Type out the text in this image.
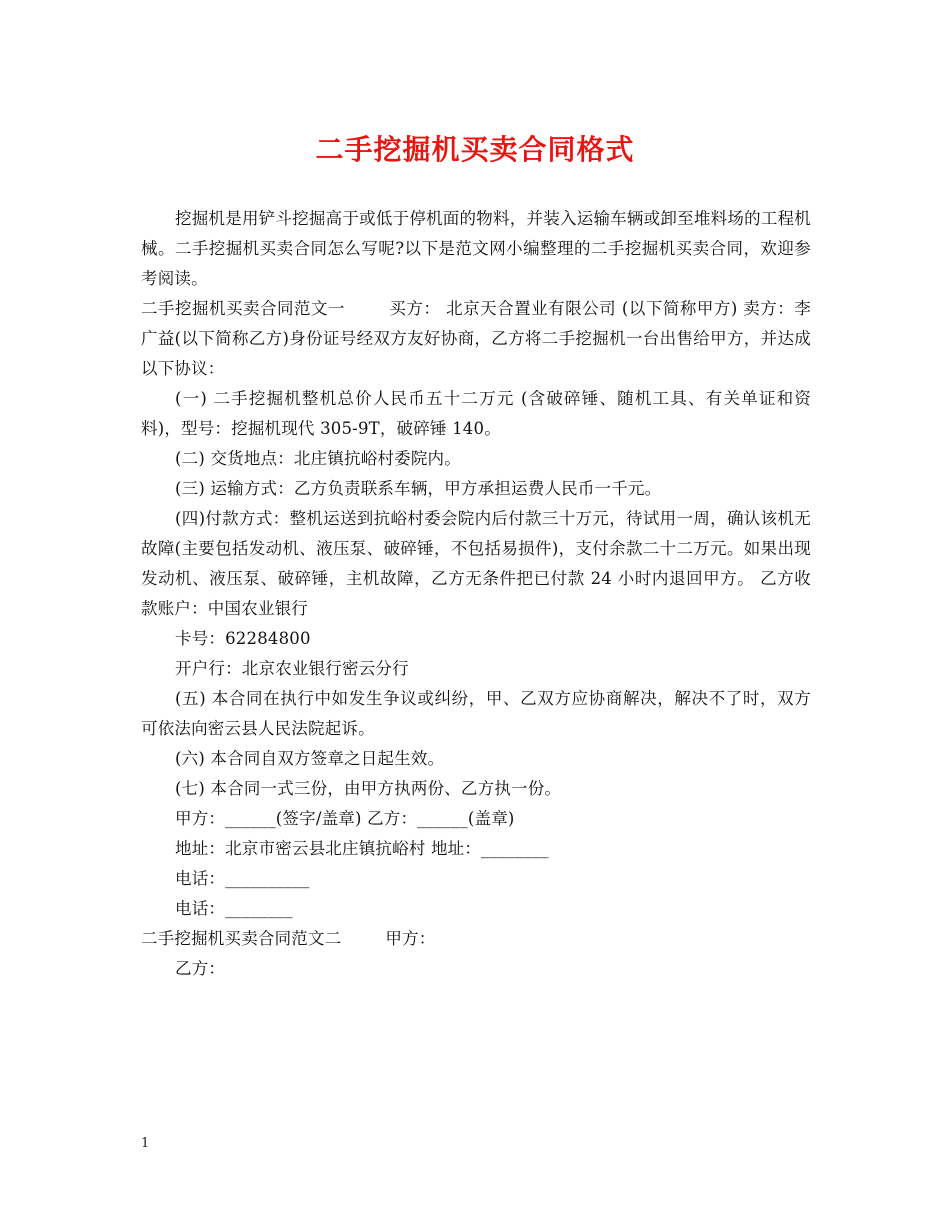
二手挖掘机买卖合同格式

挖掘机是用铲斗挖掘高于或低于停机面的物料，并装入运输车辆或卸至堆料场的工程机械。二手挖掘机买卖合同怎么写呢?以下是范文网小编整理的二手挖掘机买卖合同，欢迎参考阅读。

二手挖掘机买卖合同范文一	买方： 北京天合置业有限公司 (以下简称甲方) 卖方：李广益(以下简称乙方)身份证号经双方友好协商，乙方将二手挖掘机一台出售给甲方，并达成以下协议：

(一) 二手挖掘机整机总价人民币五十二万元 (含破碎锤、随机工具、有关单证和资料)，型号：挖掘机现代 305-9T，破碎锤 140。

(二) 交货地点：北庄镇抗峪村委院内。

(三) 运输方式：乙方负责联系车辆，甲方承担运费人民币一千元。

(四)付款方式：整机运送到抗峪村委会院内后付款三十万元，待试用一周，确认该机无故障(主要包括发动机、液压泵、破碎锤，不包括易损件)，支付余款二十二万元。如果出现发动机、液压泵、破碎锤，主机故障，乙方无条件把已付款 24 小时内退回甲方。 乙方收款账户：中国农业银行

卡号：62284800

开户行：北京农业银行密云分行

(五) 本合同在执行中如发生争议或纠纷，甲、乙双方应协商解决，解决不了时，双方可依法向密云县人民法院起诉。

(六) 本合同自双方签章之日起生效。

(七) 本合同一式三份，由甲方执两份、乙方执一份。

甲方：______(签字/盖章) 乙方：______(盖章)

地址：北京市密云县北庄镇抗峪村 地址：________

电话：__________

电话：________

二手挖掘机买卖合同范文二	甲方：

乙方：

1
